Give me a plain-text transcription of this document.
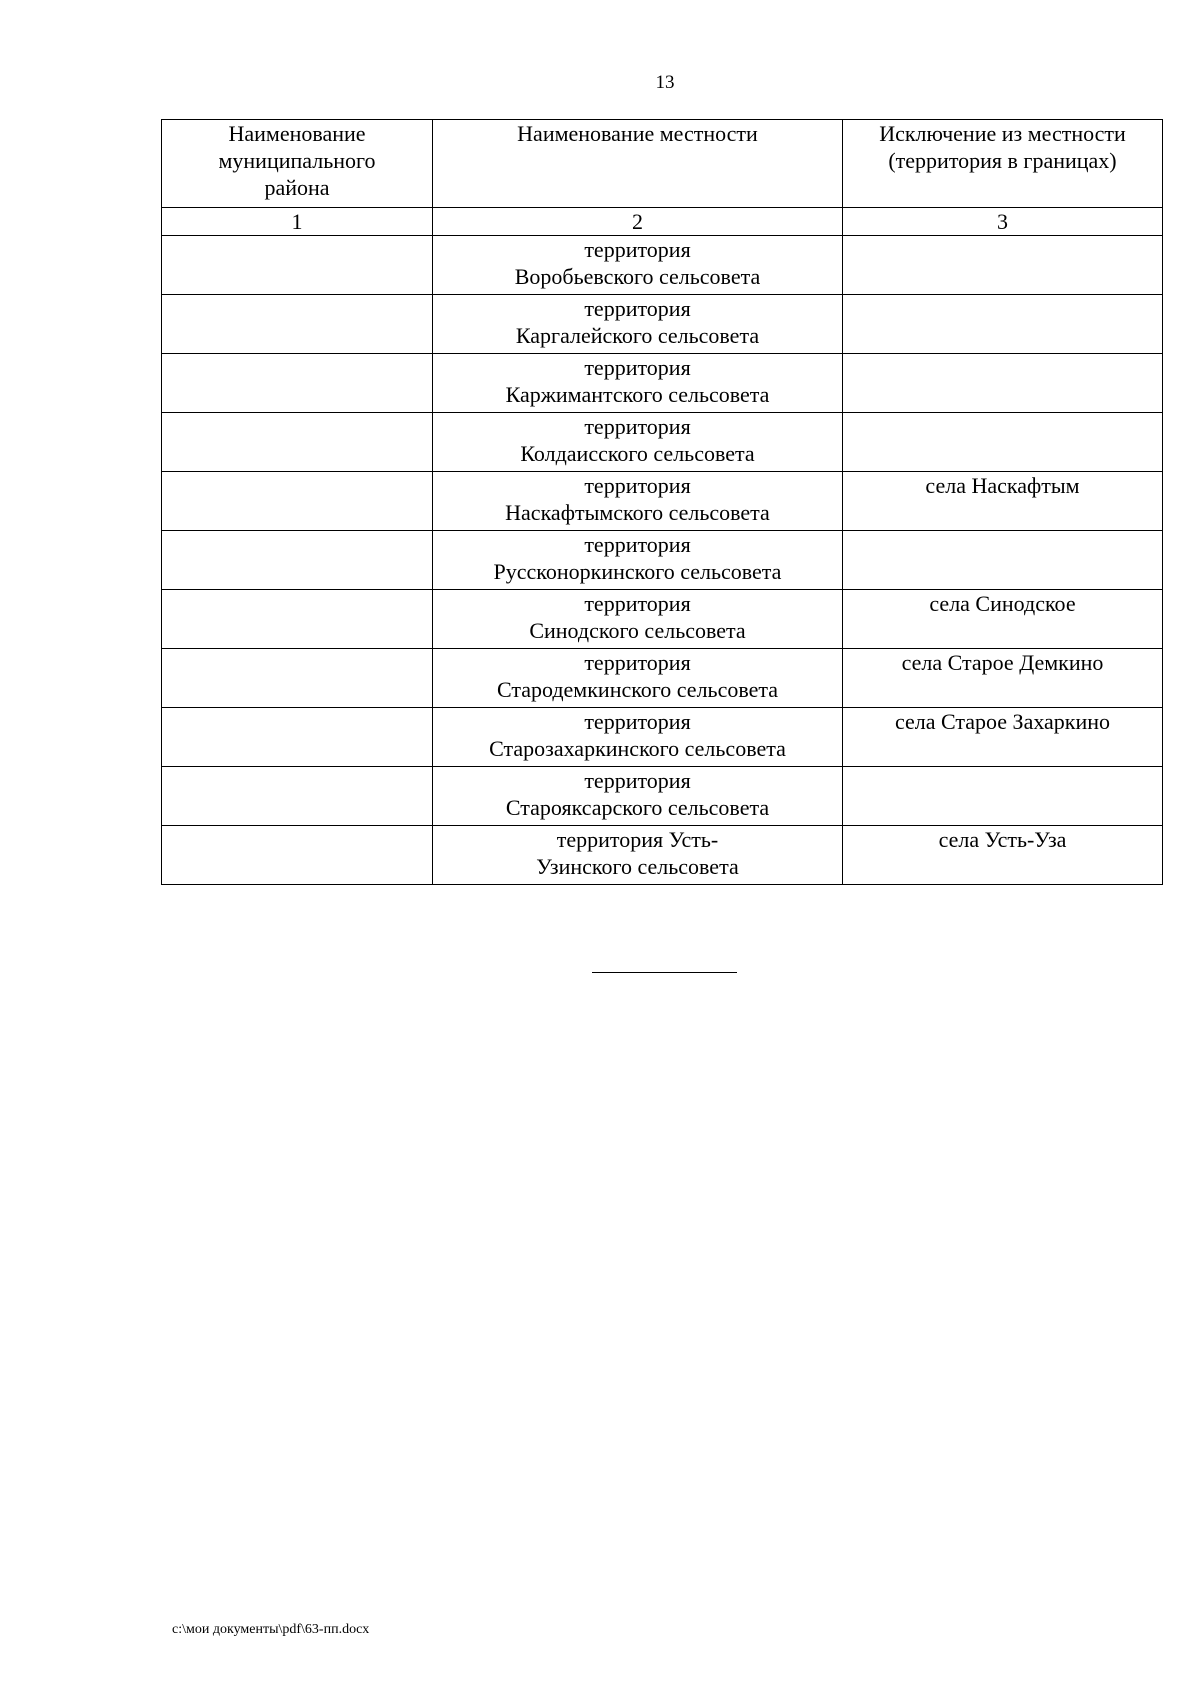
13
Наименование
муниципального
района	Наименование местности	Исключение из местности
(территория в границах)

1	2	3

	территория
Воробьевского сельсовета	

	территория
Каргалейского сельсовета	

	территория
Каржимантского сельсовета	

	территория
Колдаисского сельсовета	

	территория
Наскафтымского сельсовета	села Наскафтым

	территория
Руссконоркинского сельсовета	

	территория
Синодского сельсовета	села Синодское

	территория
Стародемкинского сельсовета	села Старое Демкино

	территория
Старозахаркинского сельсовета	села Старое Захаркино

	территория
Старояксарского сельсовета	

	территория Усть-
Узинского сельсовета	села Усть-Уза
c:\мои документы\pdf\63-пп.docx
